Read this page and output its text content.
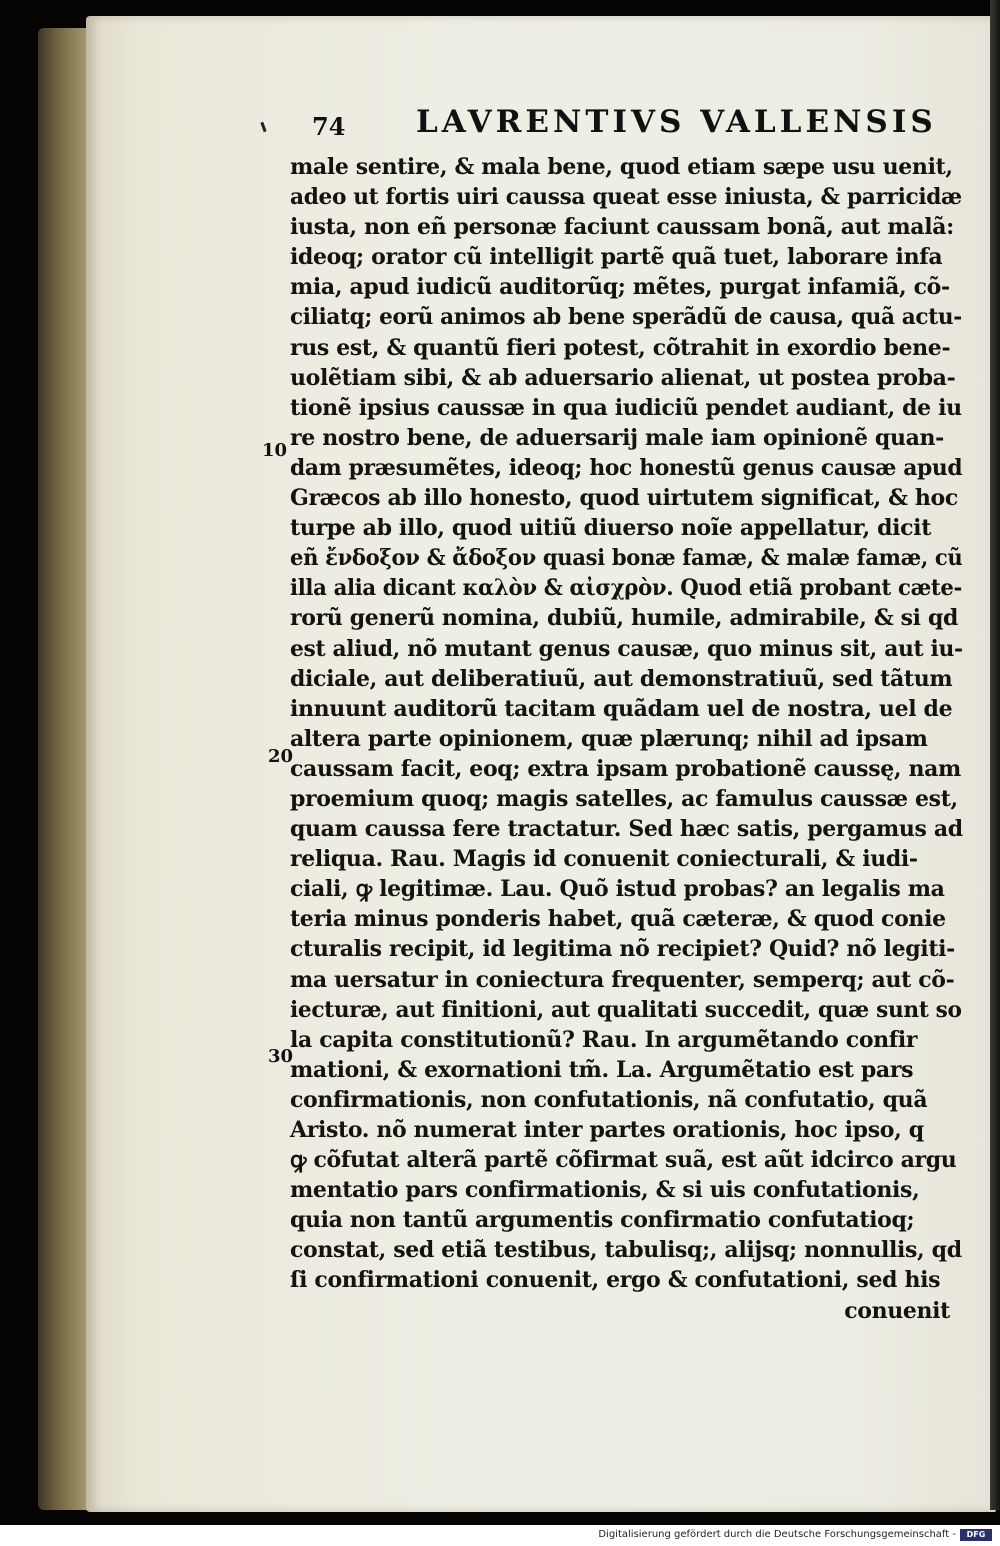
74 LAVRENTIVS VALLENSIS
male sentire, & mala bene, quod etiam sæpe usu uenit,
adeo ut fortis uiri caussa queat esse iniusta, & parricidæ
iusta, non eñ personæ faciunt caussam bonã, aut malã:
ideoq; orator cũ intelligit partẽ quã tuet, laborare infa
mia, apud iudicũ auditorũq; mẽtes, purgat infamiã, cõ-
ciliatq; eorũ animos ab bene sperãdũ de causa, quã actu-
rus est, & quantũ fieri potest, cõtrahit in exordio bene-
uolẽtiam sibi, & ab aduersario alienat, ut postea proba-
tionẽ ipsius caussæ in qua iudiciũ pendet audiant, de iu
re nostro bene, de aduersarij male iam opinionẽ quan-
dam præsumẽtes, ideoq; hoc honestũ genus causæ apud
Græcos ab illo honesto, quod uirtutem significat, & hoc
turpe ab illo, quod uitiũ diuerso noĩe appellatur, dicit
eñ ἔνδοξον & ἄδοξον quasi bonæ famæ, & malæ famæ, cũ
illa alia dicant καλὸν & αἰσχρὸν. Quod etiã probant cæte-
rorũ generũ nomina, dubiũ, humile, admirabile, & si qd
est aliud, nõ mutant genus causæ, quo minus sit, aut iu-
diciale, aut deliberatiuũ, aut demonstratiuũ, sed tãtum
innuunt auditorũ tacitam quãdam uel de nostra, uel de
altera parte opinionem, quæ plærunq; nihil ad ipsam
caussam facit, eoq; extra ipsam probationẽ caussę, nam
proemium quoq; magis satelles, ac famulus caussæ est,
quam caussa fere tractatur. Sed hæc satis, pergamus ad
reliqua. Rau. Magis id conuenit coniecturali, & iudi-
ciali, ꝙ legitimæ. Lau. Quõ istud probas? an legalis ma
teria minus ponderis habet, quã cæteræ, & quod conie
cturalis recipit, id legitima nõ recipiet? Quid? nõ legiti-
ma uersatur in coniectura frequenter, semperq; aut cõ-
iecturæ, aut finitioni, aut qualitati succedit, quæ sunt so
la capita constitutionũ? Rau. In argumẽtando confir
mationi, & exornationi tm̃. La. Argumẽtatio est pars
confirmationis, non confutationis, nã confutatio, quã
Aristo. nõ numerat inter partes orationis, hoc ipso, q
ꝙ cõfutat alterã partẽ cõfirmat suã, est aũt idcirco argu
mentatio pars confirmationis, & si uis confutationis,
quia non tantũ argumentis confirmatio confutatioq;
constat, sed etiã testibus, tabulisq;, alijsq; nonnullis, qd
ſi confirmationi conuenit, ergo & confutationi, sed his
conuenit
10
20
30
Digitalisierung gefördert durch die Deutsche Forschungsgemeinschaft -	DFG
